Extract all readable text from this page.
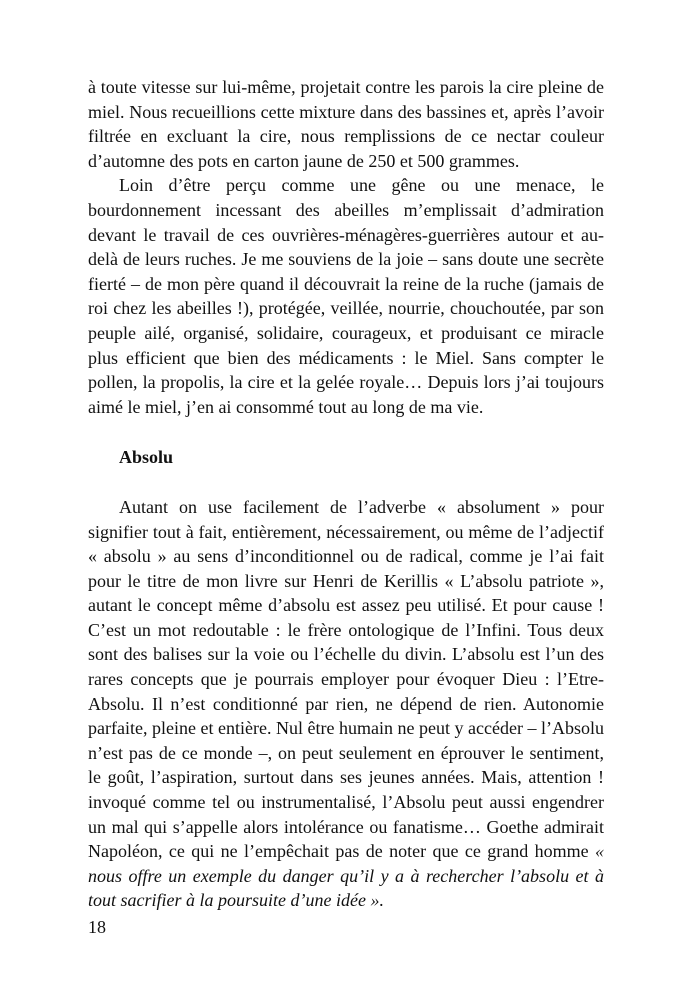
à toute vitesse sur lui-même, projetait contre les parois la cire pleine de miel. Nous recueillions cette mixture dans des bassines et, après l’avoir filtrée en excluant la cire, nous remplissions de ce nectar couleur d’automne des pots en carton jaune de 250 et 500 grammes.

Loin d’être perçu comme une gêne ou une menace, le bourdonnement incessant des abeilles m’emplissait d’admiration devant le travail de ces ouvrières-ménagères-guerrières autour et au-delà de leurs ruches. Je me souviens de la joie – sans doute une secrète fierté – de mon père quand il découvrait la reine de la ruche (jamais de roi chez les abeilles !), protégée, veillée, nourrie, chouchoutée, par son peuple ailé, organisé, solidaire, courageux, et produisant ce miracle plus efficient que bien des médicaments : le Miel. Sans compter le pollen, la propolis, la cire et la gelée royale… Depuis lors j’ai toujours aimé le miel, j’en ai consommé tout au long de ma vie.

Absolu

Autant on use facilement de l’adverbe « absolument » pour signifier tout à fait, entièrement, nécessairement, ou même de l’adjectif « absolu » au sens d’inconditionnel ou de radical, comme je l’ai fait pour le titre de mon livre sur Henri de Kerillis « L’absolu patriote », autant le concept même d’absolu est assez peu utilisé. Et pour cause ! C’est un mot redoutable : le frère ontologique de l’Infini. Tous deux sont des balises sur la voie ou l’échelle du divin. L’absolu est l’un des rares concepts que je pourrais employer pour évoquer Dieu : l’Etre-Absolu. Il n’est conditionné par rien, ne dépend de rien. Autonomie parfaite, pleine et entière. Nul être humain ne peut y accéder – l’Absolu n’est pas de ce monde –, on peut seulement en éprouver le sentiment, le goût, l’aspiration, surtout dans ses jeunes années. Mais, attention ! invoqué comme tel ou instrumentalisé, l’Absolu peut aussi engendrer un mal qui s’appelle alors intolérance ou fanatisme… Goethe admirait Napoléon, ce qui ne l’empêchait pas de noter que ce grand homme « nous offre un exemple du danger qu’il y a à rechercher l’absolu et à tout sacrifier à la poursuite d’une idée ».

18
